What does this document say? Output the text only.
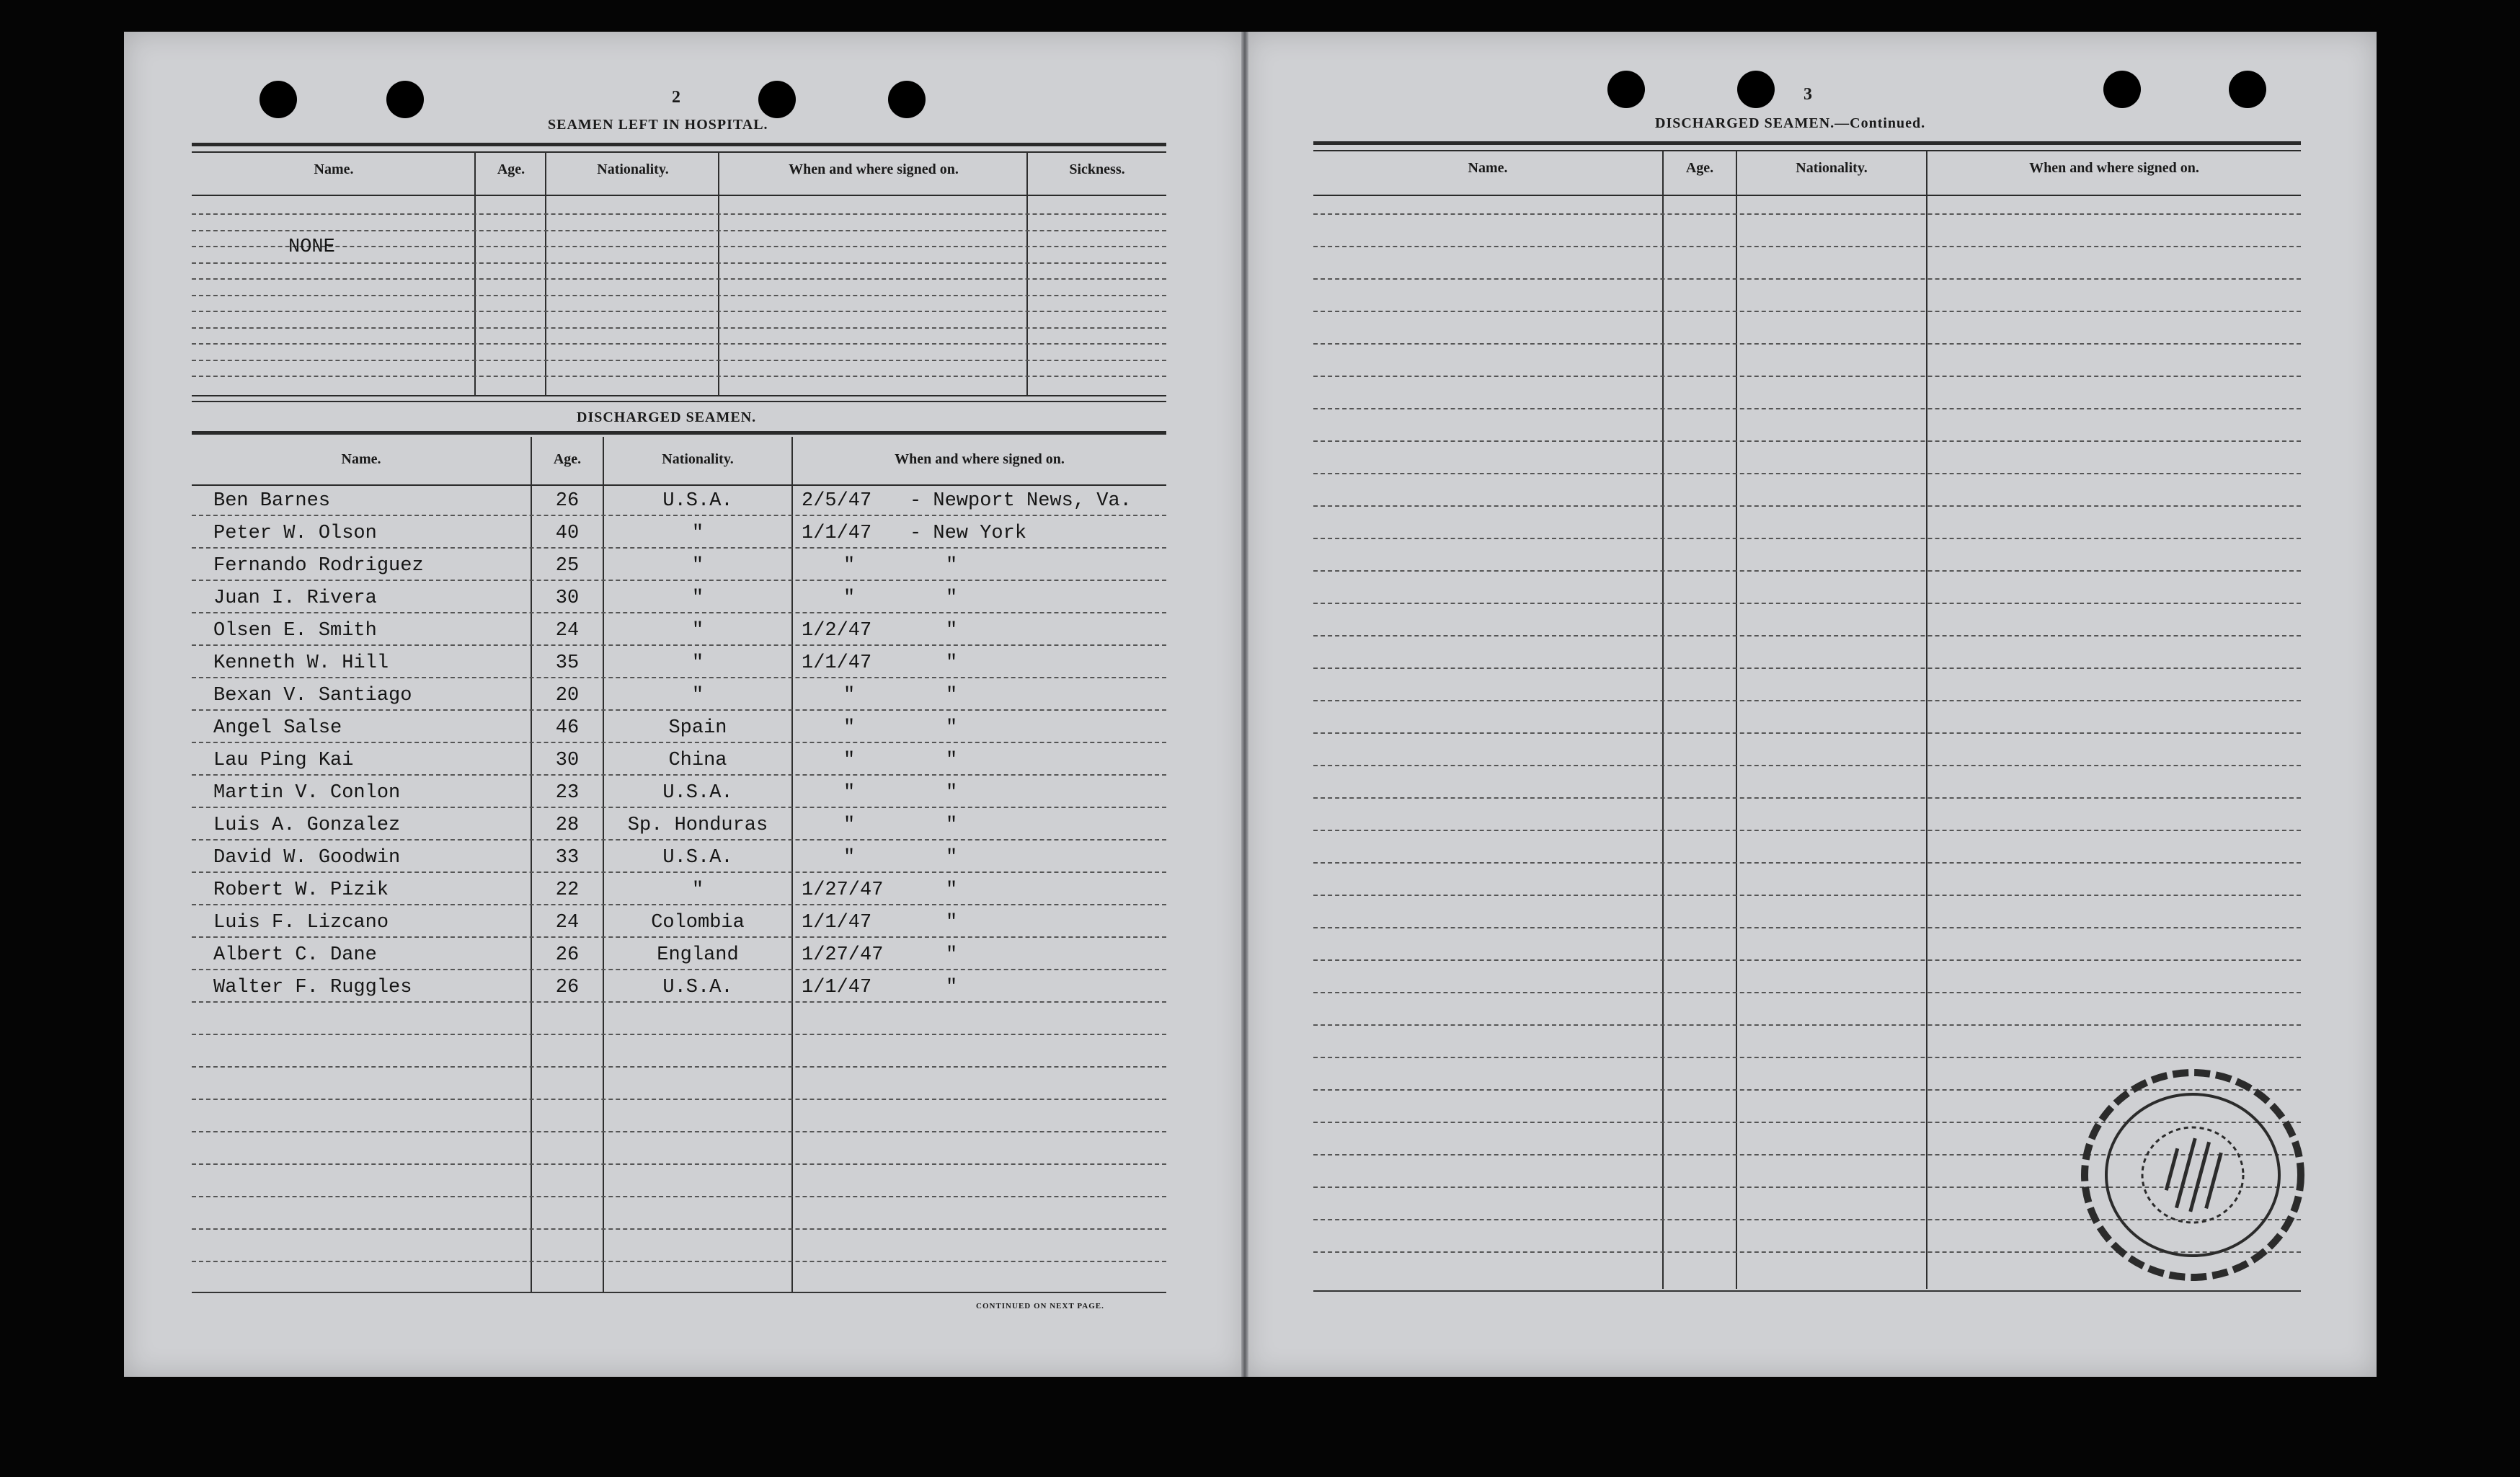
2
SEAMEN LEFT IN HOSPITAL.
Name.	Age.	Nationality.	When and where signed on.	Sickness.
NONE
DISCHARGED SEAMEN.
Name.	Age.	Nationality.	When and where signed on.
Ben Barnes	26	U.S.A.	2/5/47 - Newport News, Va.
Peter W. Olson	40	"	1/1/47 - New York
Fernando Rodriguez	25	"	"	"
Juan I. Rivera	30	"	"	"
Olsen E. Smith	24	"	1/2/47	"
Kenneth W. Hill	35	"	1/1/47	"
Bexan V. Santiago	20	"	"	"
Angel Salse	46	Spain	"	"
Lau Ping Kai	30	China	"	"
Martin V. Conlon	23	U.S.A.	"	"
Luis A. Gonzalez	28	Sp. Honduras	"	"
David W. Goodwin	33	U.S.A.	"	"
Robert W. Pizik	22	"	1/27/47	"
Luis F. Lizcano	24	Colombia	1/1/47	"
Albert C. Dane	26	England	1/27/47	"
Walter F. Ruggles	26	U.S.A.	1/1/47	"
CONTINUED ON NEXT PAGE.
3
DISCHARGED SEAMEN.—Continued.
Name.	Age.	Nationality.	When and where signed on.
